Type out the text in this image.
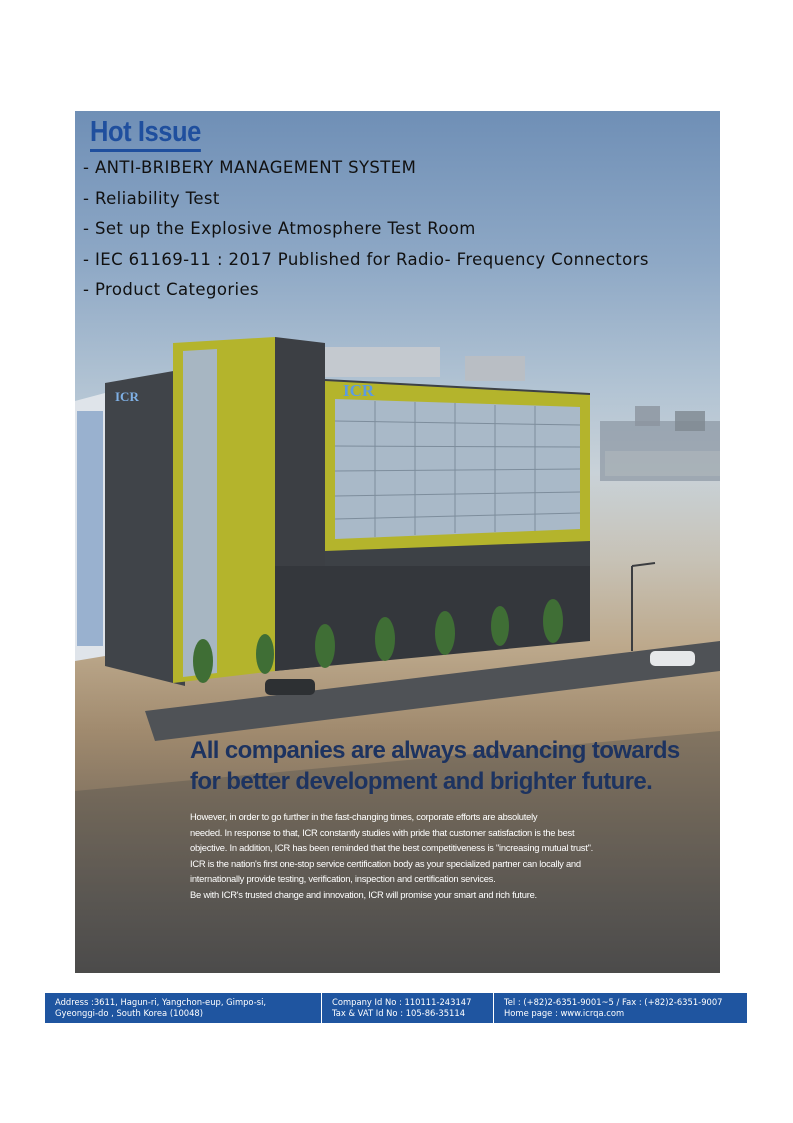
ICR	ICR
Hot Issue
- ANTI-BRIBERY MANAGEMENT SYSTEM
- Reliability Test
- Set up the Explosive Atmosphere Test Room
- IEC 61169-11 : 2017 Published for Radio- Frequency Connectors
- Product Categories
All companies are always advancing towards
for better development and brighter future.

However, in order to go further in the fast-changing times, corporate efforts are absolutely

needed. In response to that, ICR constantly studies with pride that customer satisfaction is the best

objective. In addition, ICR has been reminded that the best competitiveness is "increasing mutual trust".

ICR is the nation's first one-stop service certification body as your specialized partner can locally and

internationally provide testing, verification, inspection and certification services.

Be with ICR's trusted change and innovation, ICR will promise your smart and rich future.

Address :3611, Hagun-ri, Yangchon-eup, Gimpo-si,
Gyeonggi-do , South Korea (10048)
Company Id No : 110111-243147
Tax & VAT Id No : 105-86-35114
Tel : (+82)2-6351-9001~5 / Fax : (+82)2-6351-9007
Home page : www.icrqa.com
